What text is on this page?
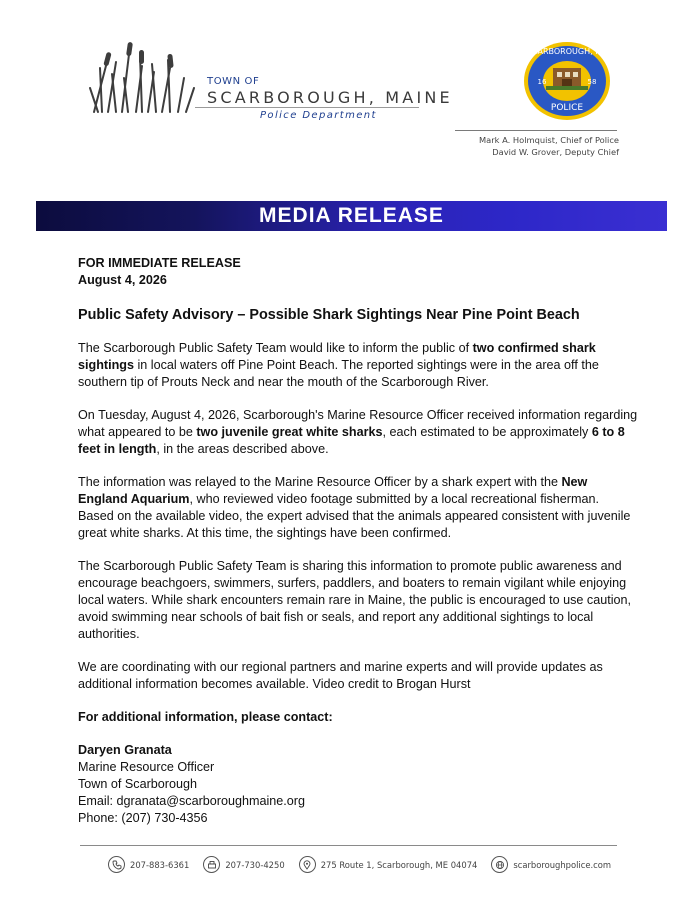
TOWN OF
SCARBOROUGH, MAINE
Police Department
SCARBOROUGH, ME
16	58
POLICE
Mark A. Holmquist, Chief of Police
David W. Grover, Deputy Chief
MEDIA RELEASE

FOR IMMEDIATE RELEASE

August 4, 2026

Public Safety Advisory – Possible Shark Sightings Near Pine Point Beach

The Scarborough Public Safety Team would like to inform the public of two confirmed shark sightings in local waters off Pine Point Beach. The reported sightings were in the area off the southern tip of Prouts Neck and near the mouth of the Scarborough River.

On Tuesday, August 4, 2026, Scarborough's Marine Resource Officer received information regarding what appeared to be two juvenile great white sharks, each estimated to be approximately 6 to 8 feet in length, in the areas described above.

The information was relayed to the Marine Resource Officer by a shark expert with the New England Aquarium, who reviewed video footage submitted by a local recreational fisherman. Based on the available video, the expert advised that the animals appeared consistent with juvenile great white sharks. At this time, the sightings have been confirmed.

The Scarborough Public Safety Team is sharing this information to promote public awareness and encourage beachgoers, swimmers, surfers, paddlers, and boaters to remain vigilant while enjoying local waters. While shark encounters remain rare in Maine, the public is encouraged to use caution, avoid swimming near schools of bait fish or seals, and report any additional sightings to local authorities.

We are coordinating with our regional partners and marine experts and will provide updates as additional information becomes available. Video credit to Brogan Hurst

For additional information, please contact:

Daryen Granata
Marine Resource Officer
Town of Scarborough
Email: dgranata@scarboroughmaine.org
Phone: (207) 730-4356
207-883-6361	207-730-4250	275 Route 1, Scarborough, ME 04074	scarboroughpolice.com
